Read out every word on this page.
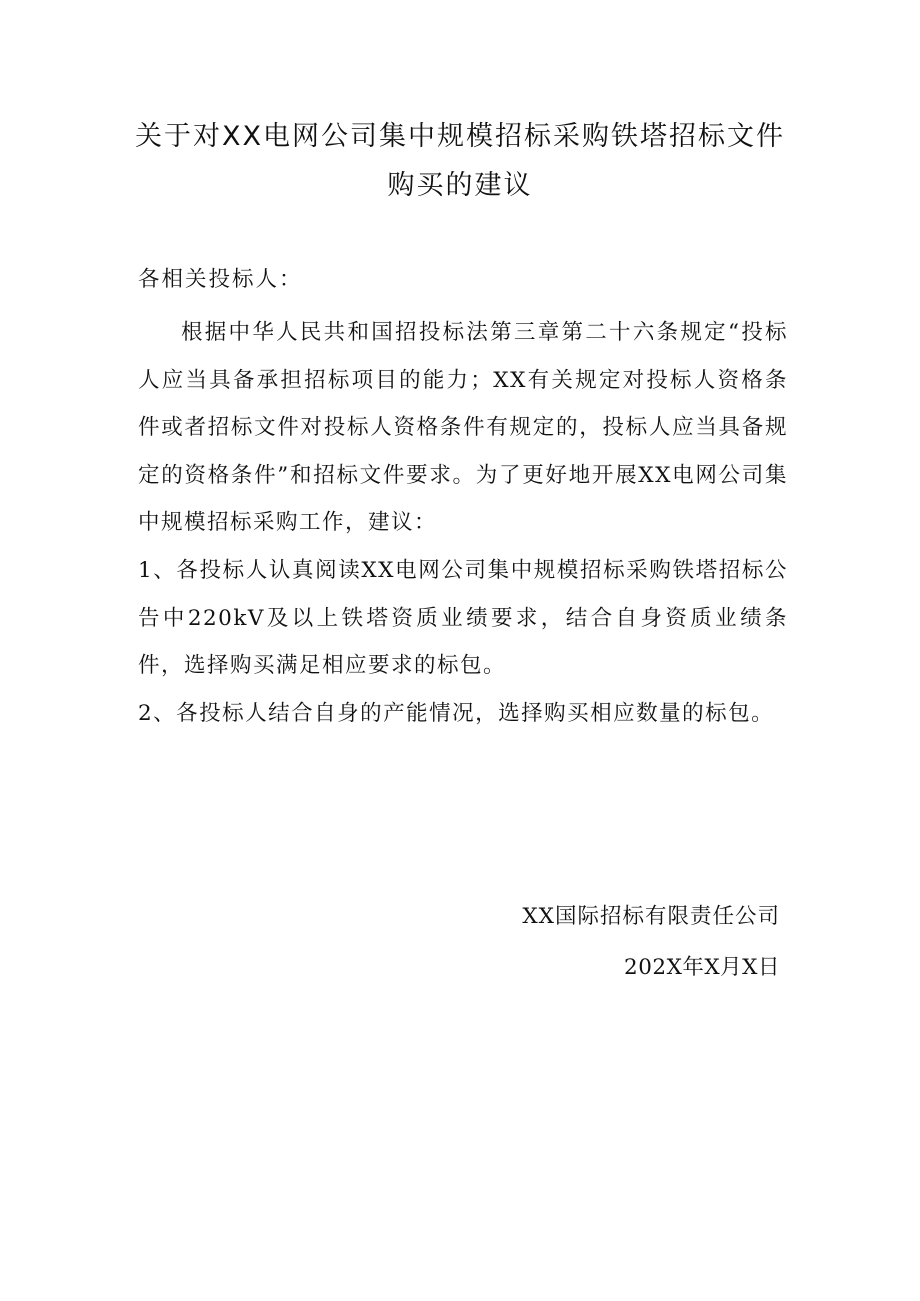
关于对XX电网公司集中规模招标采购铁塔招标文件
购买的建议
各相关投标人：

根据中华人民共和国招投标法第三章第二十六条规定“投标人应当具备承担招标项目的能力；XX有关规定对投标人资格条件或者招标文件对投标人资格条件有规定的，投标人应当具备规定的资格条件”和招标文件要求。为了更好地开展XX电网公司集中规模招标采购工作，建议：

1、各投标人认真阅读XX电网公司集中规模招标采购铁塔招标公告中220kV及以上铁塔资质业绩要求，结合自身资质业绩条件，选择购买满足相应要求的标包。

2、各投标人结合自身的产能情况，选择购买相应数量的标包。

XX国际招标有限责任公司
202X年X月X日
